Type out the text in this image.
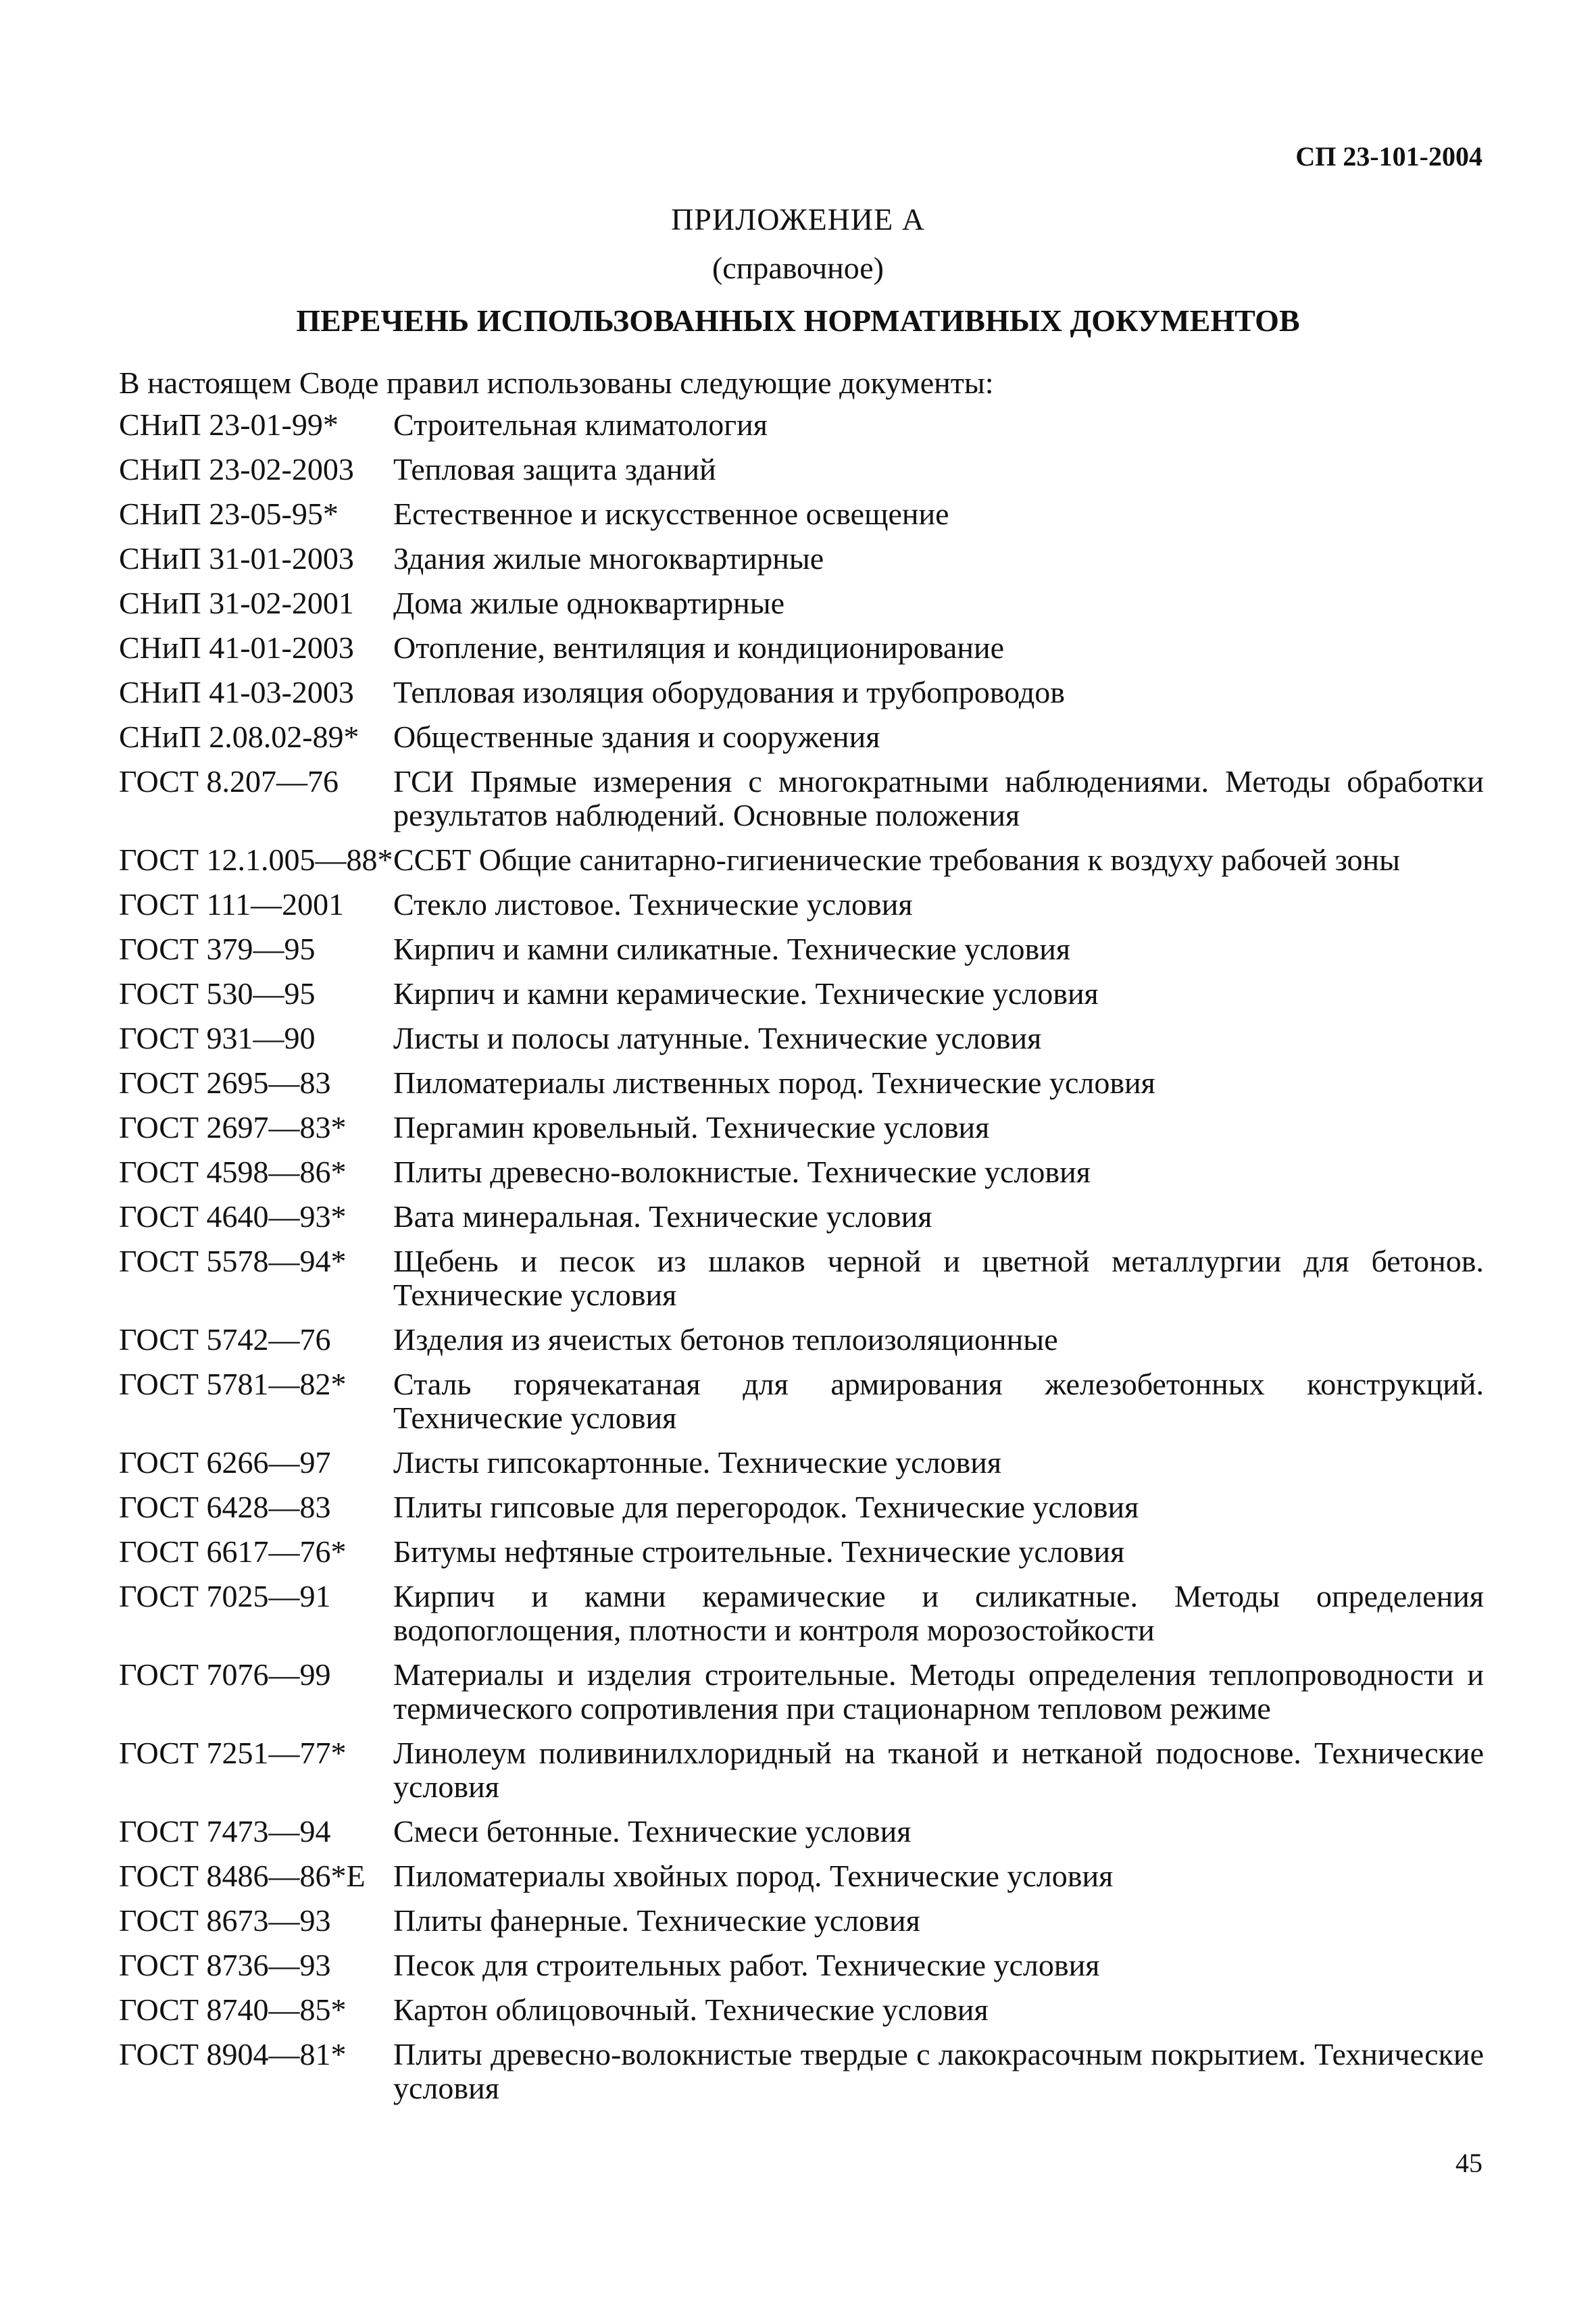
СП 23-101-2004
ПРИЛОЖЕНИЕ А
(справочное)
ПЕРЕЧЕНЬ ИСПОЛЬЗОВАННЫХ НОРМАТИВНЫХ ДОКУМЕНТОВ
В настоящем Своде правил использованы следующие документы:
СНиП 23-01-99*	Строительная климатология
СНиП 23-02-2003	Тепловая защита зданий
СНиП 23-05-95*	Естественное и искусственное освещение
СНиП 31-01-2003	Здания жилые многоквартирные
СНиП 31-02-2001	Дома жилые одноквартирные
СНиП 41-01-2003	Отопление, вентиляция и кондиционирование
СНиП 41-03-2003	Тепловая изоляция оборудования и трубопроводов
СНиП 2.08.02-89*	Общественные здания и сооружения
ГОСТ 8.207—76	ГСИ Прямые измерения с многократными наблюдениями. Методы обработки результатов наблюдений. Основные положения
ГОСТ 12.1.005—88* ССБТ Общие санитарно-гигиенические требования к воздуху рабочей зоны
ГОСТ 111—2001	Стекло листовое. Технические условия
ГОСТ 379—95	Кирпич и камни силикатные. Технические условия
ГОСТ 530—95	Кирпич и камни керамические. Технические условия
ГОСТ 931—90	Листы и полосы латунные. Технические условия
ГОСТ 2695—83	Пиломатериалы лиственных пород. Технические условия
ГОСТ 2697—83*	Пергамин кровельный. Технические условия
ГОСТ 4598—86*	Плиты древесно-волокнистые. Технические условия
ГОСТ 4640—93*	Вата минеральная. Технические условия
ГОСТ 5578—94*	Щебень и песок из шлаков черной и цветной металлургии для бетонов. Технические условия
ГОСТ 5742—76	Изделия из ячеистых бетонов теплоизоляционные
ГОСТ 5781—82*	Сталь горячекатаная для армирования железобетонных конструкций. Технические условия
ГОСТ 6266—97	Листы гипсокартонные. Технические условия
ГОСТ 6428—83	Плиты гипсовые для перегородок. Технические условия
ГОСТ 6617—76*	Битумы нефтяные строительные. Технические условия
ГОСТ 7025—91	Кирпич и камни керамические и силикатные. Методы определения водопоглощения, плотности и контроля морозостойкости
ГОСТ 7076—99	Материалы и изделия строительные. Методы определения теплопроводности и термического сопротивления при стационарном тепловом режиме
ГОСТ 7251—77*	Линолеум поливинилхлоридный на тканой и нетканой подоснове. Технические условия
ГОСТ 7473—94	Смеси бетонные. Технические условия
ГОСТ 8486—86*Е Пиломатериалы хвойных пород. Технические условия
ГОСТ 8673—93	Плиты фанерные. Технические условия
ГОСТ 8736—93	Песок для строительных работ. Технические условия
ГОСТ 8740—85*	Картон облицовочный. Технические условия
ГОСТ 8904—81*	Плиты древесно-волокнистые твердые с лакокрасочным покрытием. Технические условия
45
